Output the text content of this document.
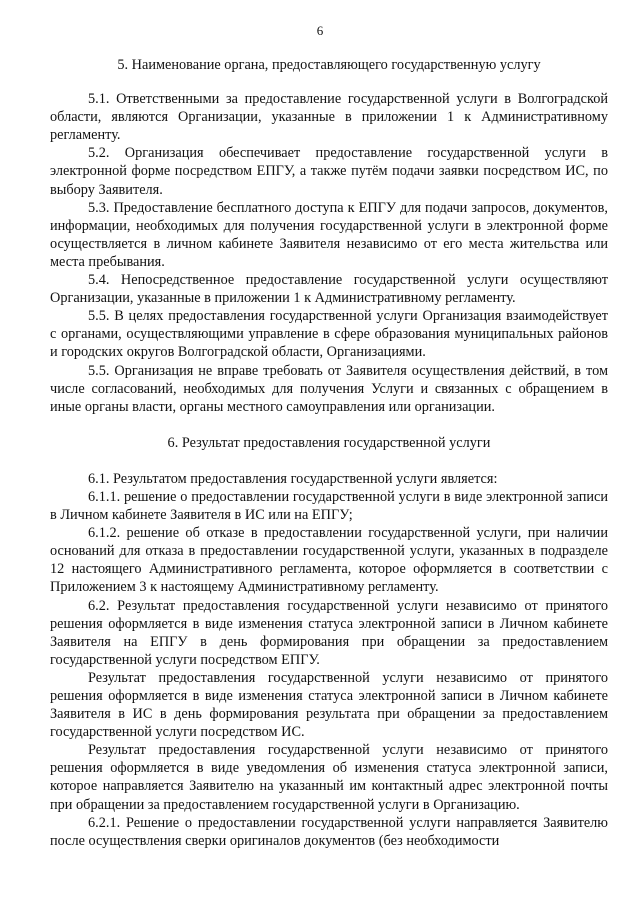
6
5. Наименование органа, предоставляющего государственную услугу

5.1. Ответственными за предоставление государственной услуги в Волгоградской области, являются Организации, указанные в приложении 1 к Административному регламенту.

5.2. Организация обеспечивает предоставление государственной услуги в электронной форме посредством ЕПГУ, а также путём подачи заявки посредством ИС, по выбору Заявителя.

5.3. Предоставление бесплатного доступа к ЕПГУ для подачи запросов, документов, информации, необходимых для получения государственной услуги в электронной форме осуществляется в личном кабинете Заявителя независимо от его места жительства или места пребывания.

5.4. Непосредственное предоставление государственной услуги осуществляют Организации, указанные в приложении 1 к Административному регламенту.

5.5. В целях предоставления государственной услуги Организация взаимодействует с органами, осуществляющими управление в сфере образования муниципальных районов и городских округов Волгоградской области, Организациями.

5.5. Организация не вправе требовать от Заявителя осуществления действий, в том числе согласований, необходимых для получения Услуги и связанных с обращением в иные органы власти, органы местного самоуправления или организации.

6. Результат предоставления государственной услуги

6.1. Результатом предоставления государственной услуги является:

6.1.1. решение о предоставлении государственной услуги в виде электронной записи в Личном кабинете Заявителя в ИС или на ЕПГУ;

6.1.2. решение об отказе в предоставлении государственной услуги, при наличии оснований для отказа в предоставлении государственной услуги, указанных в подразделе 12 настоящего Административного регламента, которое оформляется в соответствии с Приложением 3 к настоящему Административному регламенту.

6.2. Результат предоставления государственной услуги независимо от принятого решения оформляется в виде изменения статуса электронной записи в Личном кабинете Заявителя на ЕПГУ в день формирования при обращении за предоставлением государственной услуги посредством ЕПГУ.

Результат предоставления государственной услуги независимо от принятого решения оформляется в виде изменения статуса электронной записи в Личном кабинете Заявителя в ИС в день формирования результата при обращении за предоставлением государственной услуги посредством ИС.

Результат предоставления государственной услуги независимо от принятого решения оформляется в виде уведомления об изменения статуса электронной записи, которое направляется Заявителю на указанный им контактный адрес электронной почты при обращении за предоставлением государственной услуги в Организацию.

6.2.1. Решение о предоставлении государственной услуги направляется Заявителю после осуществления сверки оригиналов документов (без необходимости
